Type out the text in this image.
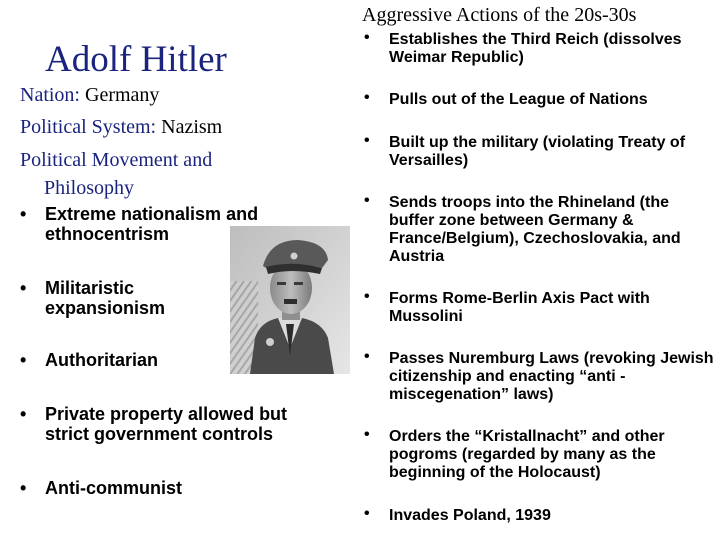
Aggressive Actions of the 20s-30s
Adolf Hitler
Nation: Germany
Political System: Nazism
Political Movement and
Philosophy
• Extreme nationalism and ethnocentrism
• Militaristic expansionism
• Authoritarian
• Private property allowed but strict government controls
• Anti-communist
• Establishes the Third Reich (dissolves Weimar Republic)
• Pulls out of the League of Nations
• Built up the military (violating Treaty of Versailles)
• Sends troops into the Rhineland (the buffer zone between Germany & France/Belgium), Czechoslovakia, and Austria
• Forms Rome-Berlin Axis Pact with Mussolini
• Passes Nuremburg Laws (revoking Jewish citizenship and enacting “anti -miscegenation” laws)
• Orders the “Kristallnacht” and other pogroms (regarded by many as the beginning of the Holocaust)
• Invades Poland, 1939
